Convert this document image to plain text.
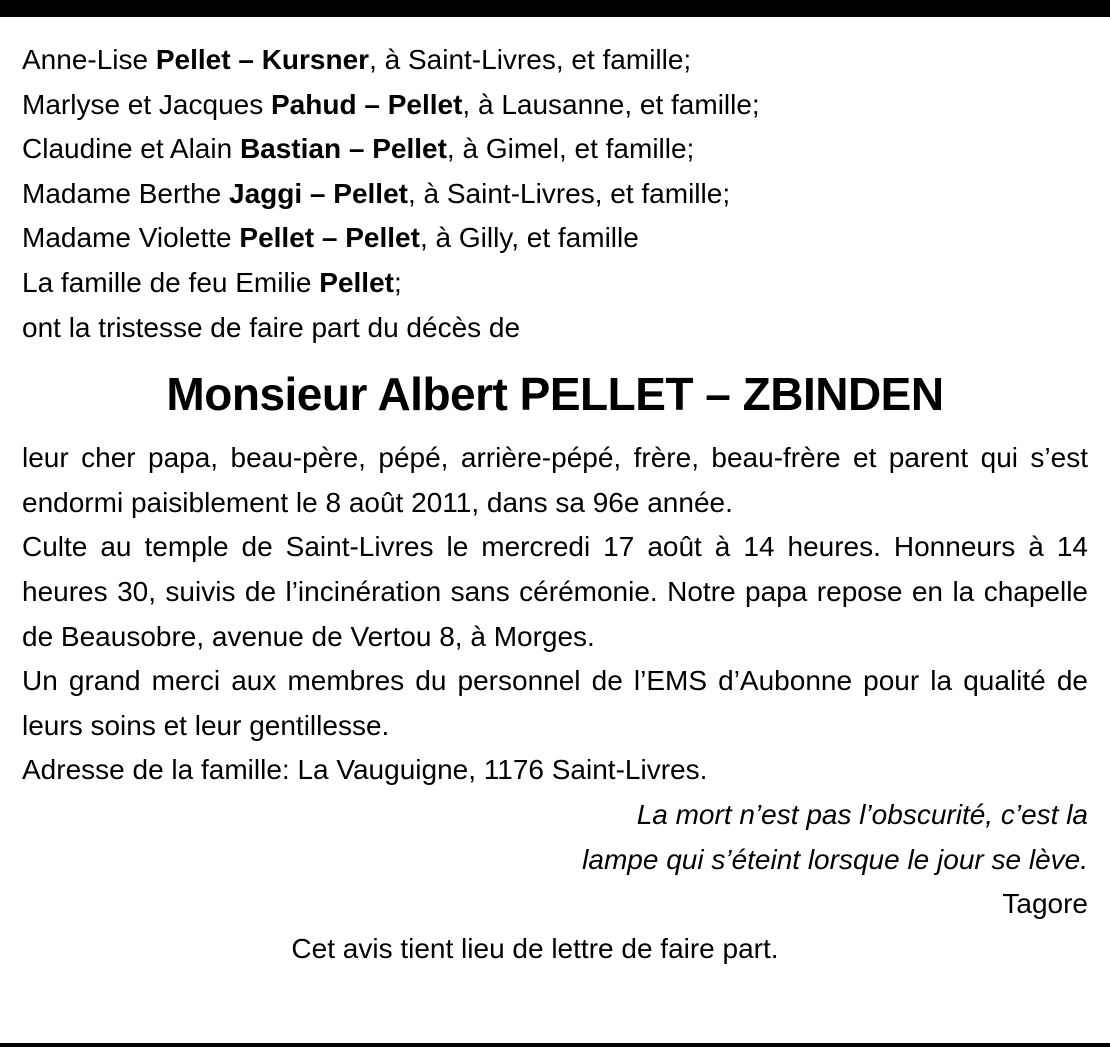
Anne-Lise Pellet – Kursner, à Saint-Livres, et famille;
Marlyse et Jacques Pahud – Pellet, à Lausanne, et famille;
Claudine et Alain Bastian – Pellet, à Gimel, et famille;
Madame Berthe Jaggi – Pellet, à Saint-Livres, et famille;
Madame Violette Pellet – Pellet, à Gilly, et famille
La famille de feu Emilie Pellet;
ont la tristesse de faire part du décès de
Monsieur Albert PELLET – ZBINDEN

leur cher papa, beau-père, pépé, arrière-pépé, frère, beau-frère et parent qui s’est endormi paisiblement le 8 août 2011, dans sa 96e année.

Culte au temple de Saint-Livres le mercredi 17 août à 14 heures. Honneurs à 14 heures 30, suivis de l’incinération sans cérémonie. Notre papa repose en la chapelle de Beausobre, avenue de Vertou 8, à Morges.

Un grand merci aux membres du personnel de l’EMS d’Aubonne pour la qualité de leurs soins et leur gentillesse.

Adresse de la famille: La Vauguigne, 1176 Saint-Livres.

La mort n’est pas l’obscurité, c’est la

lampe qui s’éteint lorsque le jour se lève.

Tagore

Cet avis tient lieu de lettre de faire part.
